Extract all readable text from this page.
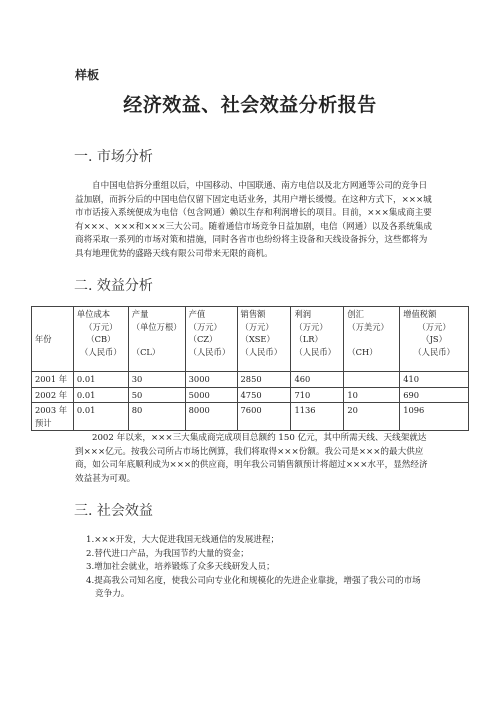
样板
经济效益、社会效益分析报告
一. 市场分析

自中国电信拆分重组以后，中国移动、中国联通、南方电信以及北方网通等公司的竞争日益加剧，而拆分后的中国电信仅留下固定电话业务，其用户增长缓慢。在这种方式下，×××城市市话接入系统便成为电信（包含网通）赖以生存和利润增长的项目。目前，×××集成商主要有×××、×××和×××三大公司。随着通信市场竞争日益加剧，电信（网通）以及各系统集成商将采取一系列的市场对策和措施，同时各省市也纷纷将主设备和天线设备拆分，这些都将为具有地理优势的盛路天线有限公司带来无限的商机。

二. 效益分析
年份	单位成本
（万元）
（CB）
（人民币）	产量
（单位万根）

（CL）	产值
（万元）
（CZ）
（人民币）	销售额
（万元）
（XSE）
（人民币）	利润
（万元）
（LR）
（人民币）	创汇
（万美元）

（CH）	增值税额
（万元）
（JS）
（人民币）

2001 年	0.01	30	3000	2850	460		410
2002 年	0.01	50	5000	4750	710	10	690
2003 年预计	0.01	80	8000	7600	1136	20	1096

2002 年以来，×××三大集成商完成项目总额约 150 亿元，其中所需天线、天线架就达到×××亿元。按我公司所占市场比例算，我们将取得×××份额。我公司是×××的最大供应商，如公司年底顺利成为×××的供应商，明年我公司销售额预计将超过×××水平，显然经济效益甚为可观。

三. 社会效益
1.×××开发，大大促进我国无线通信的发展进程；
2.替代进口产品，为我国节约大量的资金；
3.增加社会就业，培养锻炼了众多天线研发人员；
4.提高我公司知名度，使我公司向专业化和规模化的先进企业靠拢，增强了我公司的市场竞争力。
